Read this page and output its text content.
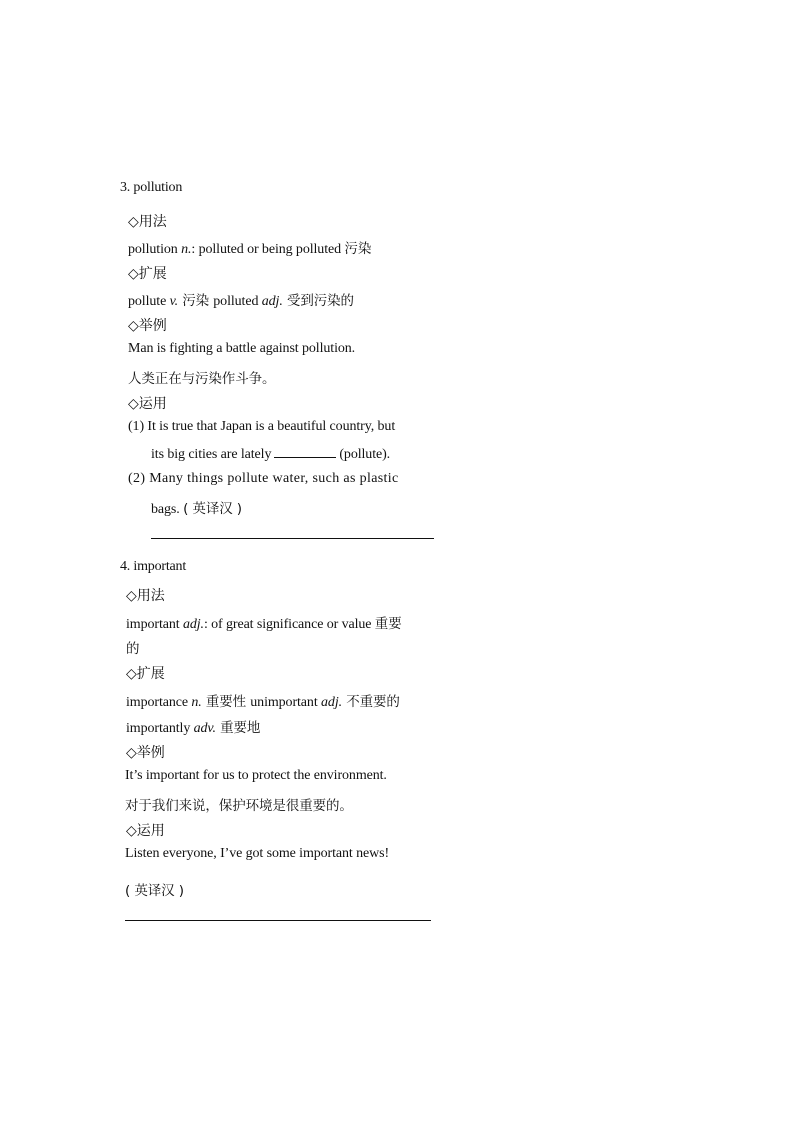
3. pollution
◇用法
pollution n.: polluted or being polluted 污染
◇扩展
pollute v. 污染 polluted adj. 受到污染的
◇举例
Man is fighting a battle against pollution.
人类正在与污染作斗争。
◇运用
(1) It is true that Japan is a beautiful country, but
its big cities are lately	(pollute).
(2) Many things pollute water, such as plastic
bags. ( 英译汉 )
4. important
◇用法
important adj.: of great significance or value 重要
的
◇扩展
importance n. 重要性 unimportant adj. 不重要的
importantly adv. 重要地
◇举例
It’s important for us to protect the environment.
对于我们来说，保护环境是很重要的。
◇运用
Listen everyone, I’ve got some important news!
( 英译汉 )
